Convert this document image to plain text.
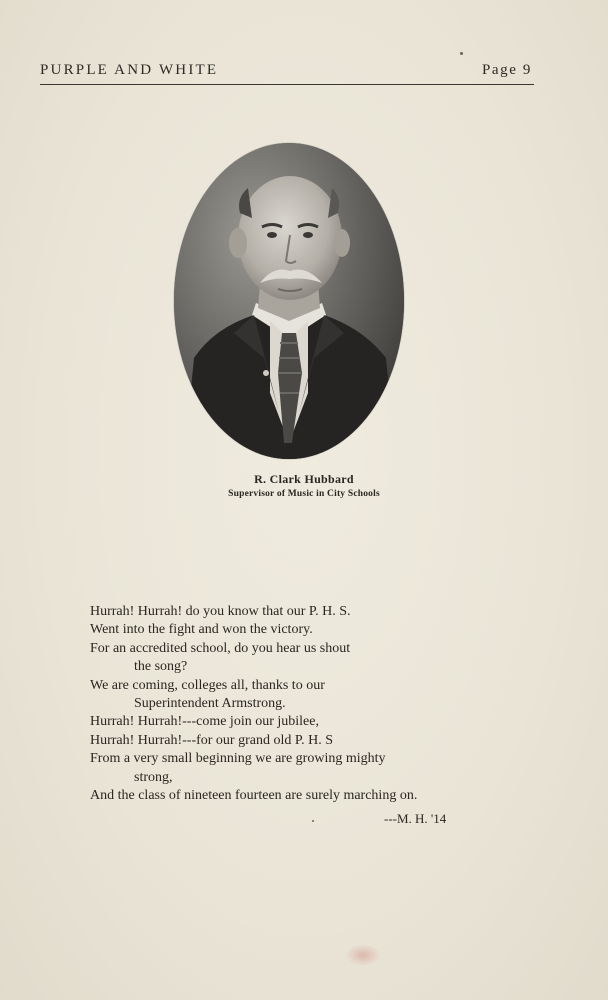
PURPLE AND WHITE	Page 9
R. Clark Hubbard
Supervisor of Music in City Schools
Hurrah! Hurrah! do you know that our P. H. S.
Went into the fight and won the victory.
For an accredited school, do you hear us shout
the song?
We are coming, colleges all, thanks to our
Superintendent Armstrong.
Hurrah! Hurrah!---come join our jubilee,
Hurrah! Hurrah!---for our grand old P. H. S
From a very small beginning we are growing mighty
strong,
And the class of nineteen fourteen are surely marching on.
---M. H. '14
